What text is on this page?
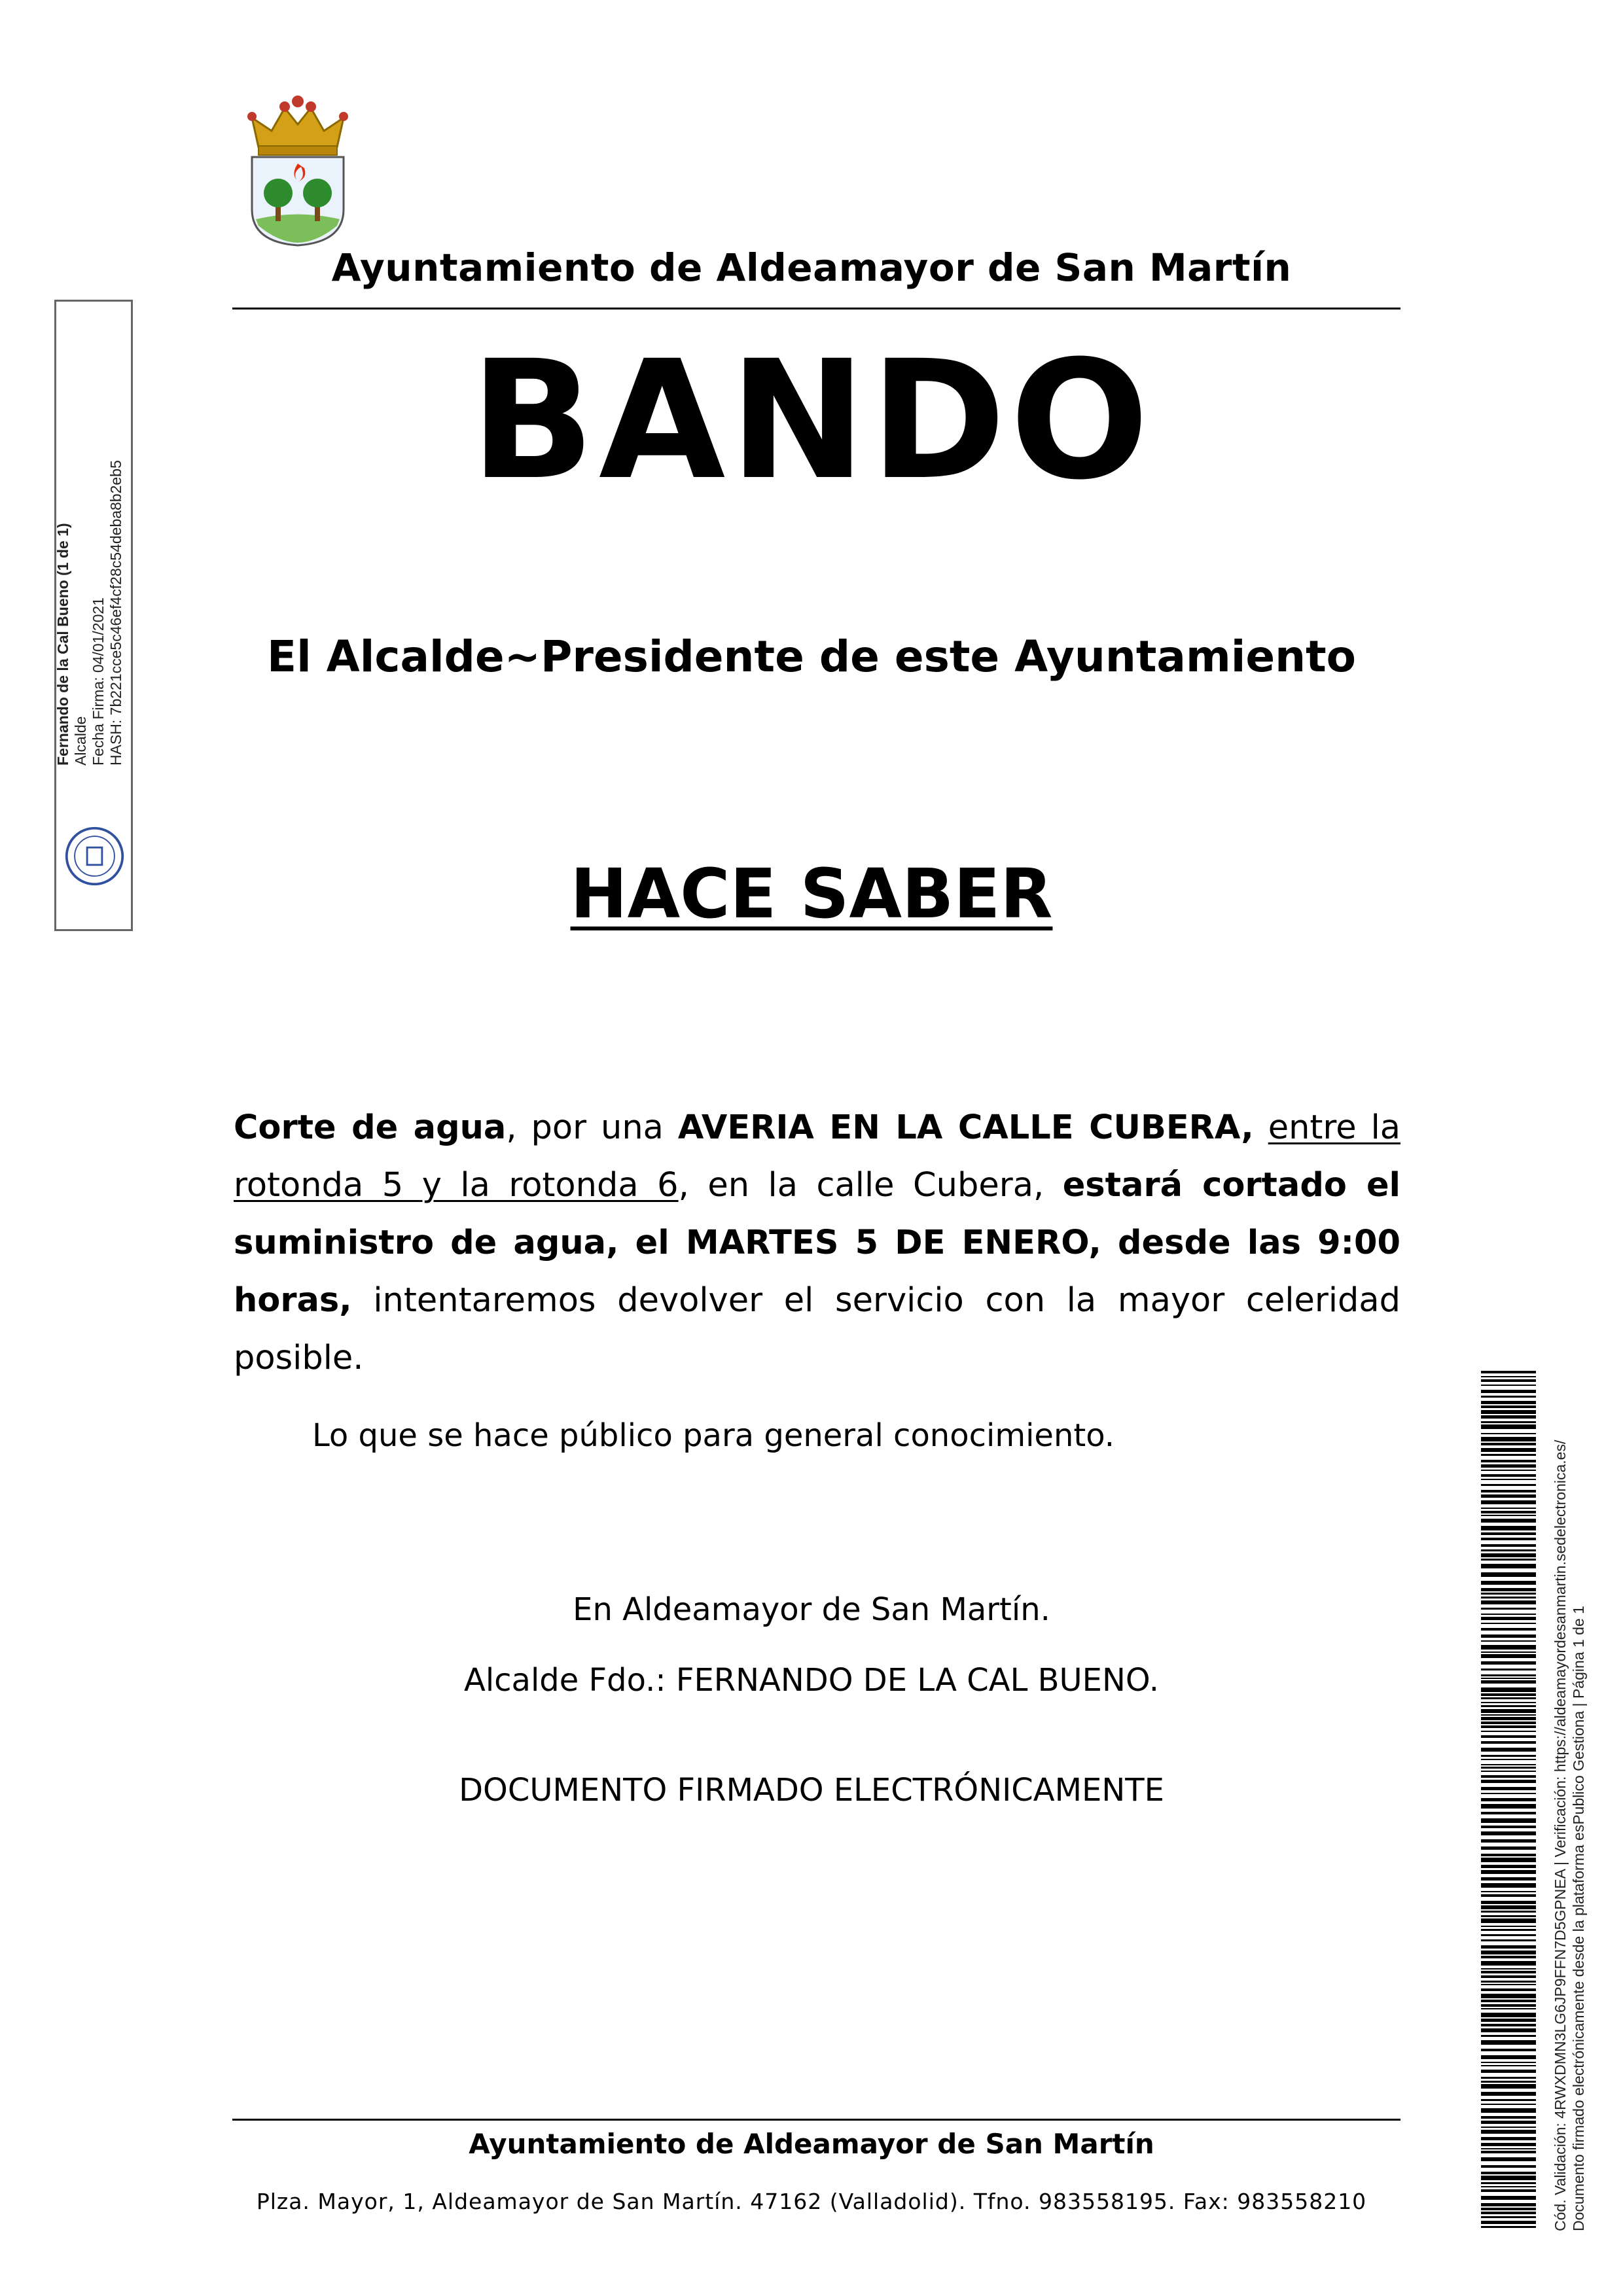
Ayuntamiento de Aldeamayor de San Martín
BANDO
El Alcalde~Presidente de este Ayuntamiento
HACE SABER
Corte de agua, por una AVERIA EN LA CALLE CUBERA, entre la rotonda 5 y la rotonda 6, en la calle Cubera, estará cortado el suministro de agua, el MARTES 5 DE ENERO, desde las 9:00 horas, intentaremos devolver el servicio con la mayor celeridad posible.
Lo que se hace público para general conocimiento.
En Aldeamayor de San Martín.
Alcalde Fdo.: FERNANDO DE LA CAL BUENO.
DOCUMENTO FIRMADO ELECTRÓNICAMENTE
Ayuntamiento de Aldeamayor de San Martín
Plza. Mayor, 1, Aldeamayor de San Martín. 47162 (Valladolid). Tfno. 983558195. Fax: 983558210
Fernando de la Cal Bueno (1 de 1) Alcalde Fecha Firma: 04/01/2021 HASH: 7b221cce5c46ef4cf28c54deba8b2eb5
Cód. Validación: 4RWXDMN3LG6JP9FFN7D5GPNEA | Verificación: https://aldeamayordesanmartin.sedelectronica.es/ Documento firmado electrónicamente desde la plataforma esPublico Gestiona | Página 1 de 1
